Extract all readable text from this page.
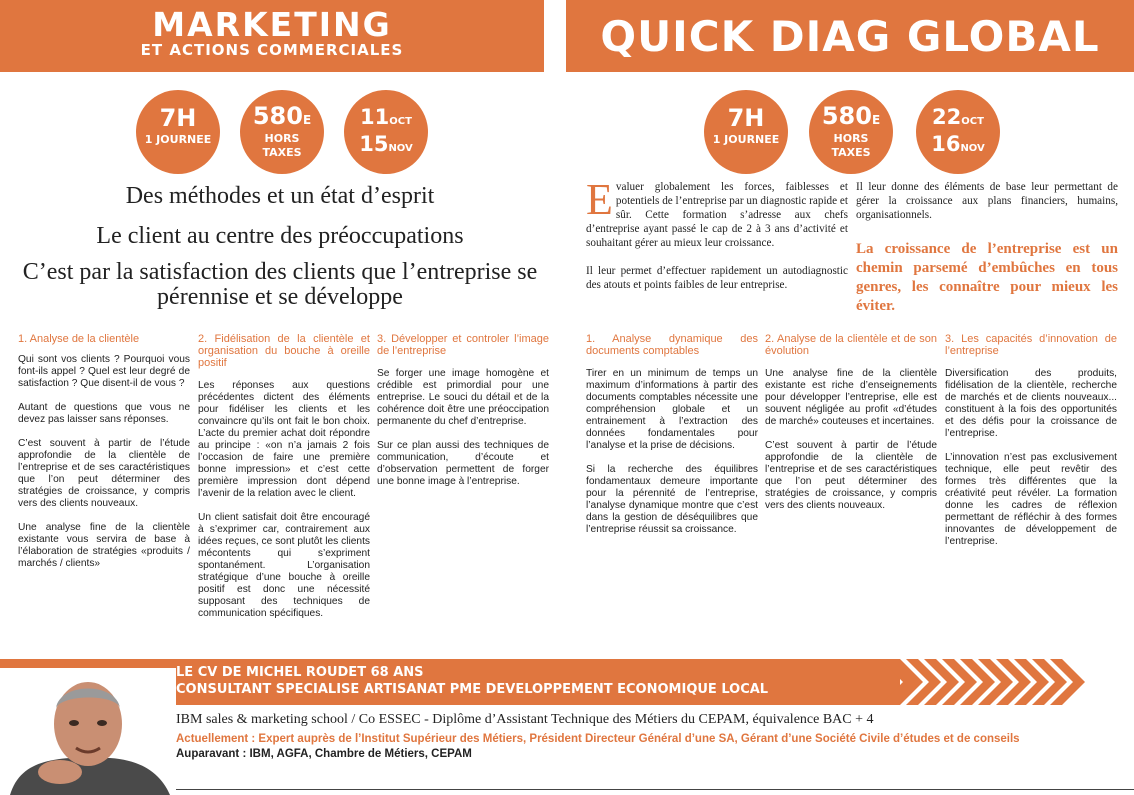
MARKETING
ET ACTIONS COMMERCIALES	QUICK DIAG GLOBAL
7H
1 JOURNEE
580E
HORS
TAXES
11OCT
15NOV
7H
1 JOURNEE
580E
HORS
TAXES
22OCT
16NOV
Des méthodes et un état d’esprit
Le client au centre des préoccupations
C’est par la satisfaction des clients que l’entreprise se pérennise et se développe
1. Analyse de la clientèle

Qui sont vos clients ? Pourquoi vous font-ils appel ? Quel est leur degré de satisfaction ? Que disent-il de vous ?

Autant de questions que vous ne devez pas laisser sans réponses.

C’est souvent à partir de l’étude approfondie de la clientèle de l’entreprise et de ses caractéristiques que l’on peut déterminer des stratégies de croissance, y compris vers des clients nouveaux.

Une analyse fine de la clientèle existante vous servira de base à l’élaboration de stratégies «produits / marchés / clients»

2. Fidélisation de la clientèle et organisation du bouche à oreille positif

Les réponses aux questions précédentes dictent des éléments pour fidéliser les clients et les convaincre qu’ils ont fait le bon choix. L’acte du premier achat doit répondre au principe : «on n’a jamais 2 fois l’occasion de faire une première bonne impression» et c’est cette première impression dont dépend l’avenir de la relation avec le client.

Un client satisfait doit être encouragé à s’exprimer car, contrairement aux idées reçues, ce sont plutôt les clients mécontents qui s’expriment spontanément. L’organisation stratégique d’une bouche à oreille positif est donc une nécessité supposant des techniques de communication spécifiques.

3. Développer et controler l’image de l’entreprise

Se forger une image homogène et crédible est primordial pour une entreprise. Le souci du détail et de la cohérence doit être une préoccipation permanente du chef d’entreprise.

Sur ce plan aussi des techniques de communication, d’écoute et d’observation permettent de forger une bonne image à l’entreprise.

Evaluer globalement les forces, faiblesses et potentiels de l’entreprise par un diagnostic rapide et sûr. Cette formation s’adresse aux chefs d’entreprise ayant passé le cap de 2 à 3 ans d’activité et souhaitant gérer au mieux leur croissance.

Il leur permet d’effectuer rapidement un autodiagnostic des atouts et points faibles de leur entreprise.

Il leur donne des éléments de base leur permettant de gérer la croissance aux plans financiers, humains, organisationnels.
La croissance de l’entreprise est un chemin parsemé d’embûches en tous genres, les connaître pour mieux les éviter.
1. Analyse dynamique des documents comptables

Tirer en un minimum de temps un maximum d’informations à partir des documents comptables nécessite une compréhension globale et un entrainement à l’extraction des données fondamentales pour l’analyse et la prise de décisions.

Si la recherche des équilibres fondamentaux demeure importante pour la pérennité de l’entreprise, l’analyse dynamique montre que c’est dans la gestion de déséquilibres que l’entreprise réussit sa croissance.

2. Analyse de la clientèle et de son évolution

Une analyse fine de la clientèle existante est riche d’enseignements pour développer l’entreprise, elle est souvent négligée au profit «d’études de marché» couteuses et incertaines.

C’est souvent à partir de l’étude approfondie de la clientèle de l’entreprise et de ses caractéristiques que l’on peut déterminer des stratégies de croissance, y compris vers des clients nouveaux.

3. Les capacités d’innovation de l’entreprise

Diversification des produits, fidélisation de la clientèle, recherche de marchés et de clients nouveaux... constituent à la fois des opportunités et des défis pour la croissance de l’entreprise.

L’innovation n’est pas exclusivement technique, elle peut revêtir des formes très différentes que la créativité peut révéler. La formation donne les cadres de réflexion permettant de réfléchir à des formes innovantes de développement de l’entreprise.

LE CV DE MICHEL ROUDET 68 ANS
CONSULTANT SPECIALISE ARTISANAT PME DEVELOPPEMENT ECONOMIQUE LOCAL
IBM sales & marketing school / Co ESSEC - Diplôme d’Assistant Technique des Métiers du CEPAM, équivalence BAC + 4
Actuellement : Expert auprès de l’Institut Supérieur des Métiers, Président Directeur Général d’une SA, Gérant d’une Société Civile d’études et de conseils
Auparavant : IBM, AGFA, Chambre de Métiers, CEPAM
